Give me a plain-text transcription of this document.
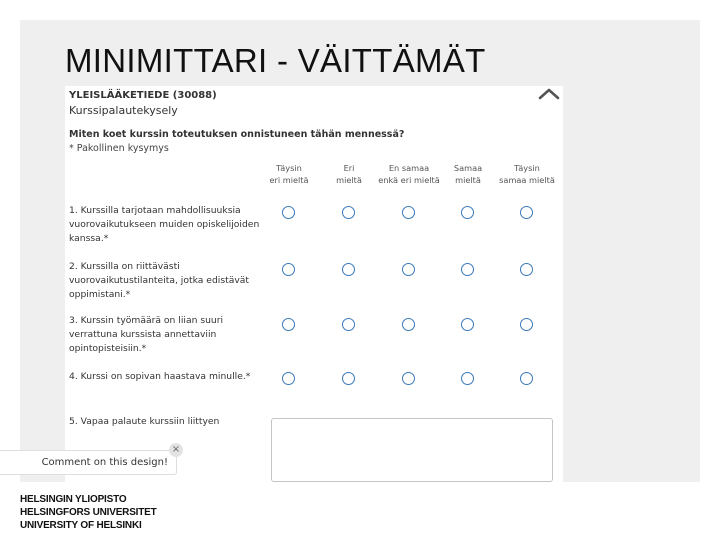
MINIMITTARI - VÄITTÄMÄT
YLEISLÄÄKETIEDE (30088)
Kurssipalautekysely
Miten koet kurssin toteutuksen onnistuneen tähän mennessä?
* Pakollinen kysymys
Täysin
eri mieltä
Eri
mieltä
En samaa
enkä eri mieltä
Samaa
mieltä
Täysin
samaa mieltä
1. Kurssilla tarjotaan mahdollisuuksia vuorovaikutukseen muiden opiskelijoiden kanssa.*
2. Kurssilla on riittävästi vuorovaikutustilanteita, jotka edistävät oppimistani.*
3. Kurssin työmäärä on liian suuri verrattuna kurssista annettaviin opintopisteisiin.*
4. Kurssi on sopivan haastava minulle.*
5. Vapaa palaute kurssiin liittyen
Comment on this design!
×
HELSINGIN YLIOPISTO
HELSINGFORS UNIVERSITET
UNIVERSITY OF HELSINKI
